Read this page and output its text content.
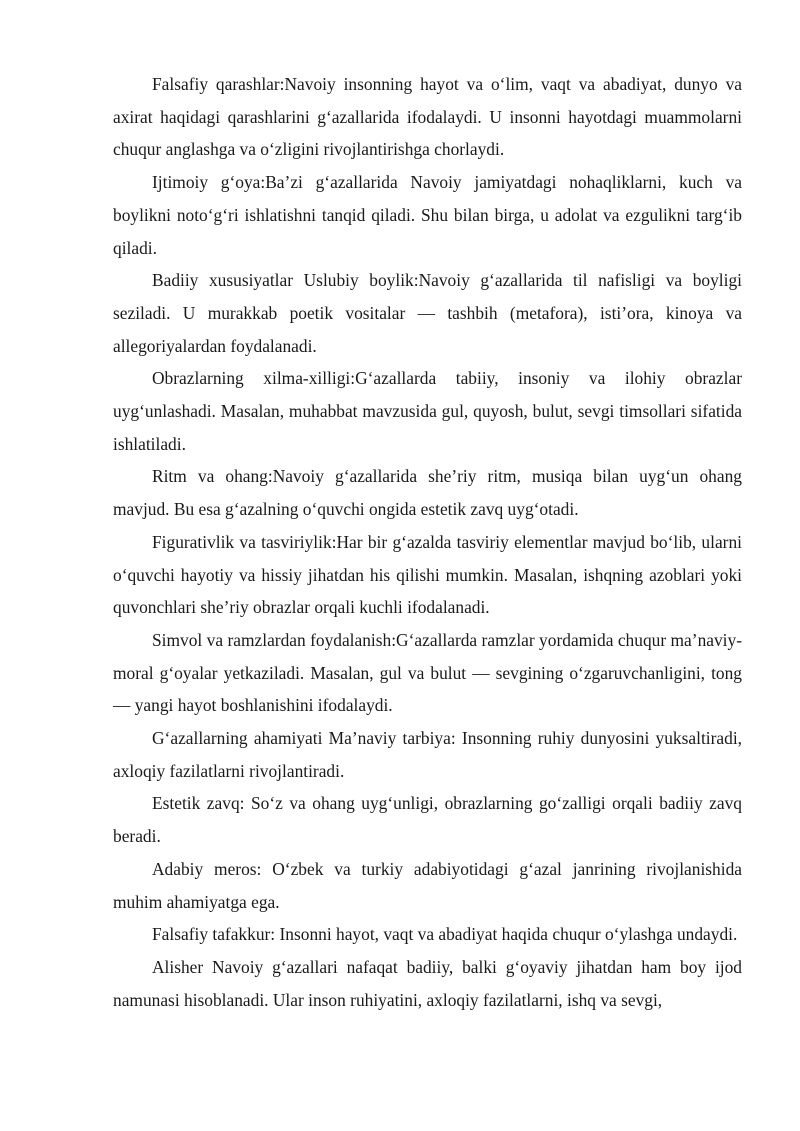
Falsafiy qarashlar:Navoiy insonning hayot va o‘lim, vaqt va abadiyat, dunyo va axirat haqidagi qarashlarini g‘azallarida ifodalaydi. U insonni hayotdagi muammolarni chuqur anglashga va o‘zligini rivojlantirishga chorlaydi.

Ijtimoiy g‘oya:Ba’zi g‘azallarida Navoiy jamiyatdagi nohaqliklarni, kuch va boylikni noto‘g‘ri ishlatishni tanqid qiladi. Shu bilan birga, u adolat va ezgulikni targ‘ib qiladi.

Badiiy xususiyatlar Uslubiy boylik:Navoiy g‘azallarida til nafisligi va boyligi seziladi. U murakkab poetik vositalar — tashbih (metafora), isti’ora, kinoya va allegoriyalardan foydalanadi.

Obrazlarning xilma-xilligi:G‘azallarda tabiiy, insoniy va ilohiy obrazlar uyg‘unlashadi. Masalan, muhabbat mavzusida gul, quyosh, bulut, sevgi timsollari sifatida ishlatiladi.

Ritm va ohang:Navoiy g‘azallarida she’riy ritm, musiqa bilan uyg‘un ohang mavjud. Bu esa g‘azalning o‘quvchi ongida estetik zavq uyg‘otadi.

Figurativlik va tasviriylik:Har bir g‘azalda tasviriy elementlar mavjud bo‘lib, ularni o‘quvchi hayotiy va hissiy jihatdan his qilishi mumkin. Masalan, ishqning azoblari yoki quvonchlari she’riy obrazlar orqali kuchli ifodalanadi.

Simvol va ramzlardan foydalanish:G‘azallarda ramzlar yordamida chuqur ma’naviy-moral g‘oyalar yetkaziladi. Masalan, gul va bulut — sevgining o‘zgaruvchanligini, tong — yangi hayot boshlanishini ifodalaydi.

G‘azallarning ahamiyati Ma’naviy tarbiya: Insonning ruhiy dunyosini yuksaltiradi, axloqiy fazilatlarni rivojlantiradi.

Estetik zavq: So‘z va ohang uyg‘unligi, obrazlarning go‘zalligi orqali badiiy zavq beradi.

Adabiy meros: O‘zbek va turkiy adabiyotidagi g‘azal janrining rivojlanishida muhim ahamiyatga ega.

Falsafiy tafakkur: Insonni hayot, vaqt va abadiyat haqida chuqur o‘ylashga undaydi.

Alisher Navoiy g‘azallari nafaqat badiiy, balki g‘oyaviy jihatdan ham boy ijod namunasi hisoblanadi. Ular inson ruhiyatini, axloqiy fazilatlarni, ishq va sevgi,
